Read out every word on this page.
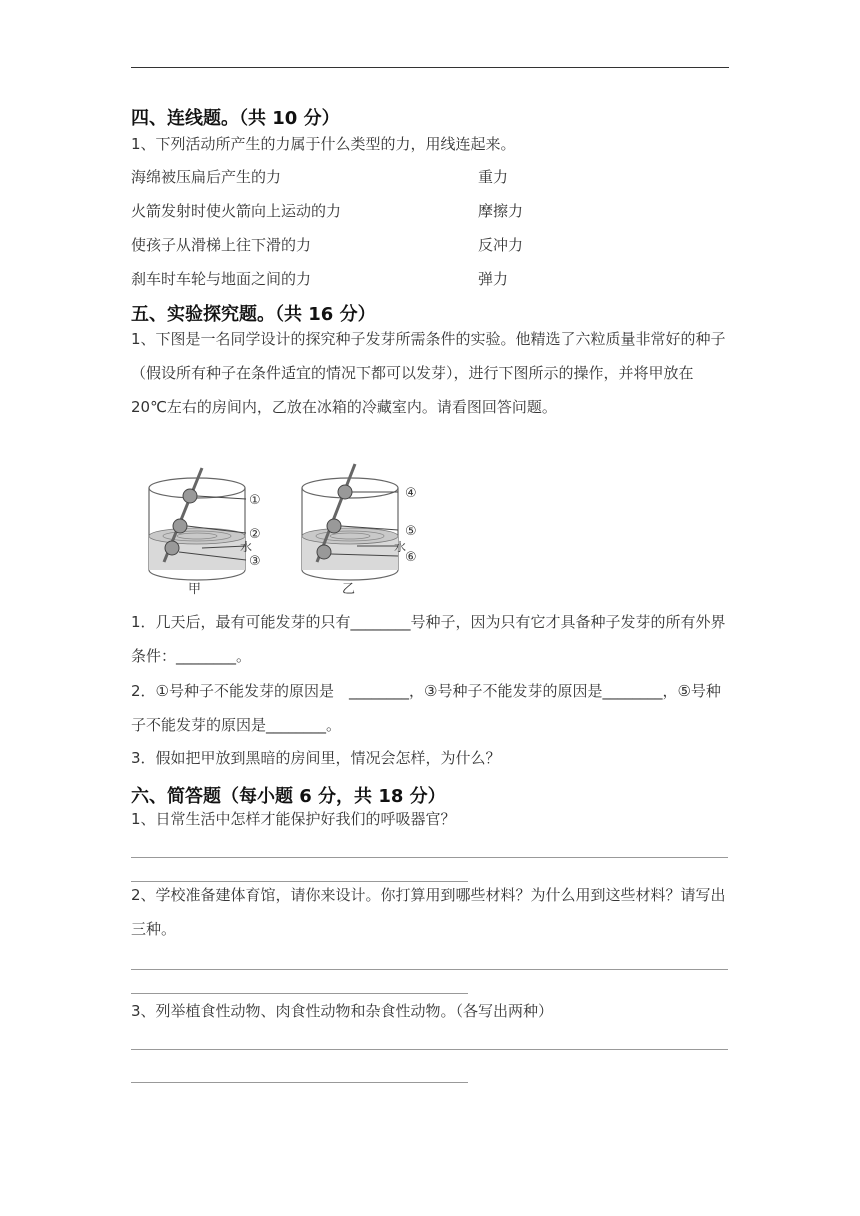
四、连线题。（共 10 分）
1、下列活动所产生的力属于什么类型的力，用线连起来。
海绵被压扁后产生的力
火箭发射时使火箭向上运动的力
使孩子从滑梯上往下滑的力
刹车时车轮与地面之间的力
重力
摩擦力
反冲力
弹力
五、实验探究题。（共 16 分）
1、下图是一名同学设计的探究种子发芽所需条件的实验。他精选了六粒质量非常好的种子（假设所有种子在条件适宜的情况下都可以发芽），进行下图所示的操作，并将甲放在 20℃左右的房间内，乙放在冰箱的冷藏室内。请看图回答问题。
①
②
水
③
甲
④
⑤
水
⑥
乙
1．几天后，最有可能发芽的只有________号种子，因为只有它才具备种子发芽的所有外界条件：________。
2．①号种子不能发芽的原因是　________，③号种子不能发芽的原因是________，⑤号种子不能发芽的原因是________。
3．假如把甲放到黑暗的房间里，情况会怎样，为什么？
六、简答题（每小题 6 分，共 18 分）
1、日常生活中怎样才能保护好我们的呼吸器官？
2、学校准备建体育馆，请你来设计。你打算用到哪些材料？为什么用到这些材料？请写出三种。
3、列举植食性动物、肉食性动物和杂食性动物。（各写出两种）
